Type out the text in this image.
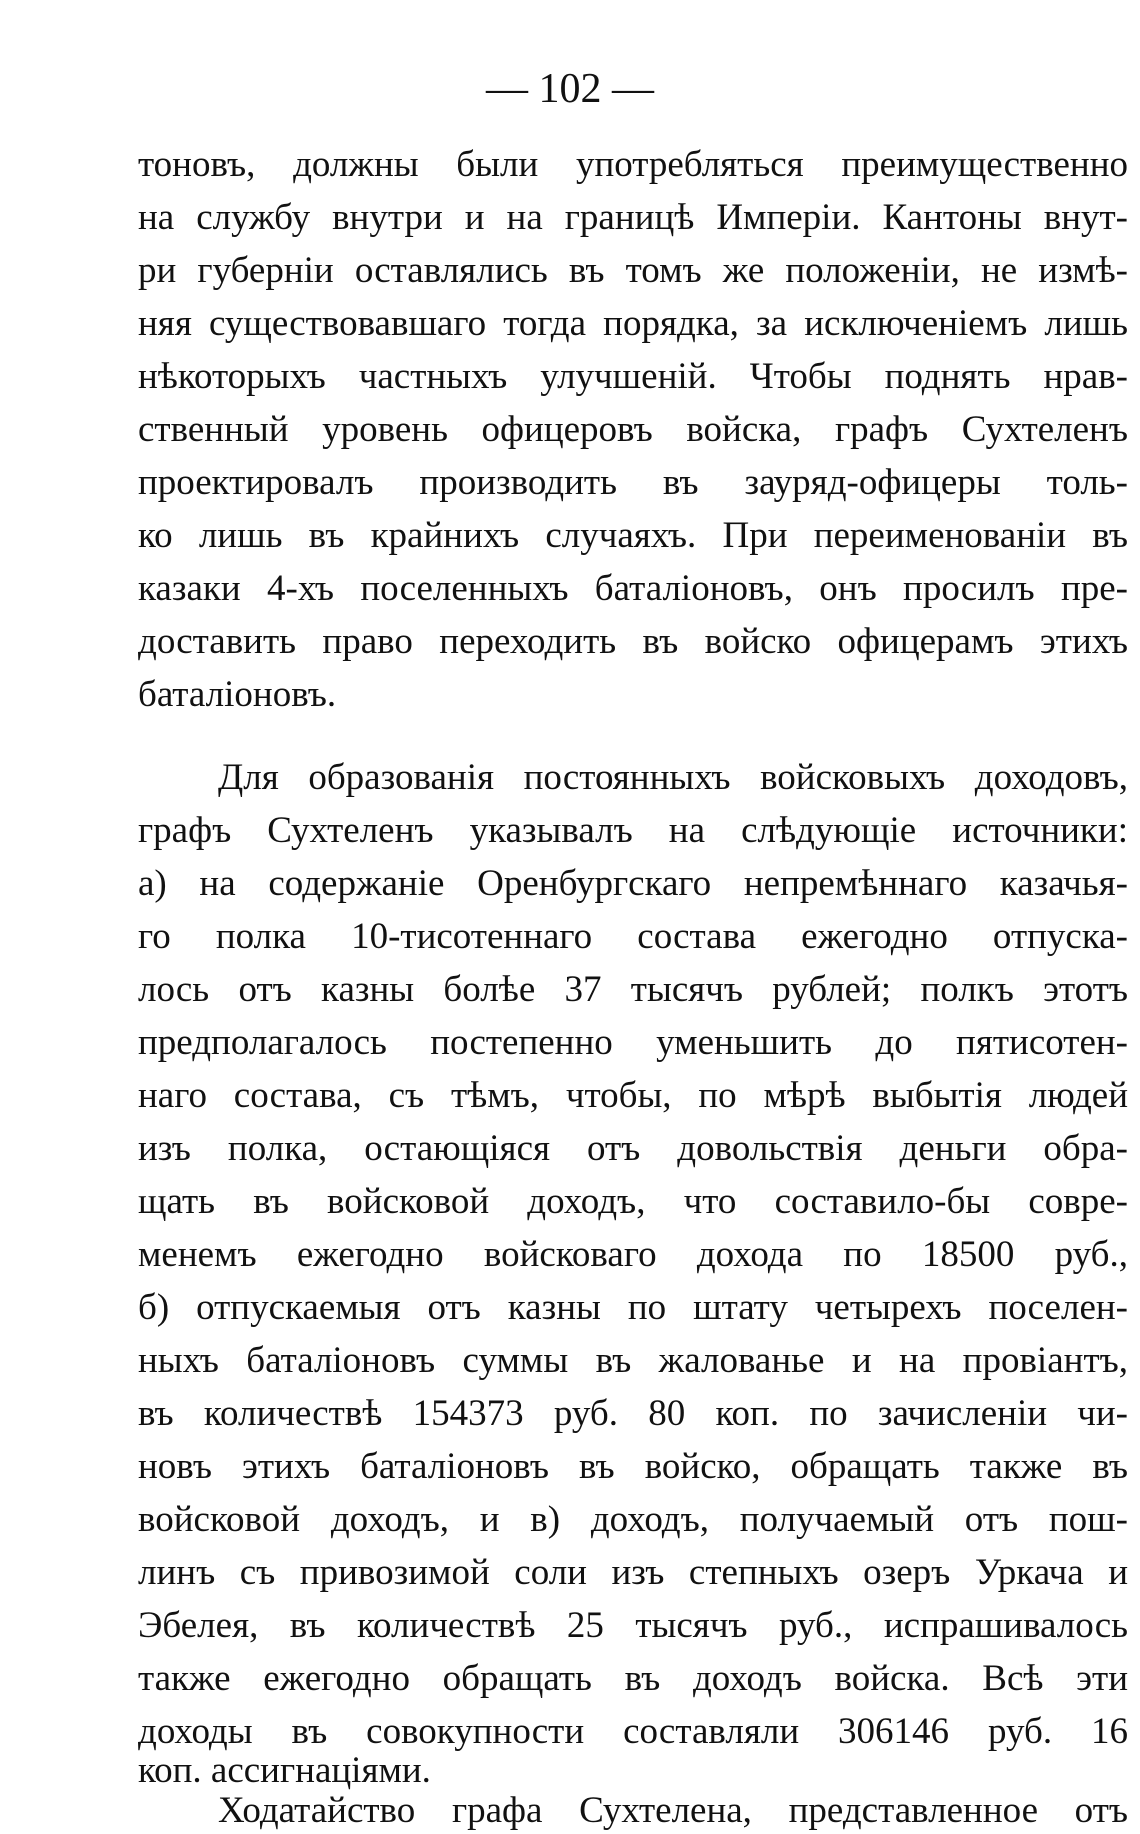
— 102 —
тоновъ, должны были употребляться преимущественно
на службу внутри и на границѣ Имперіи. Кантоны внут-
ри губерніи оставлялись въ томъ же положеніи, не измѣ-
няя существовавшаго тогда порядка, за исключеніемъ лишь
нѣкоторыхъ частныхъ улучшеній. Чтобы поднять нрав-
ственный уровень офицеровъ войска, графъ Сухтеленъ
проектировалъ производить въ зауряд-офицеры толь-
ко лишь въ крайнихъ случаяхъ. При переименованіи въ
казаки 4-хъ поселенныхъ баталіоновъ, онъ просилъ пре-
доставить право переходить въ войско офицерамъ этихъ
баталіоновъ.
Для образованія постоянныхъ войсковыхъ доходовъ,
графъ Сухтеленъ указывалъ на слѣдующіе источники:
а) на содержаніе Оренбургскаго непремѣннаго казачья-
го полка 10-тисотеннаго состава ежегодно отпуска-
лось отъ казны болѣе 37 тысячъ рублей; полкъ этотъ
предполагалось постепенно уменьшить до пятисотен-
наго состава, съ тѣмъ, чтобы, по мѣрѣ выбытія людей
изъ полка, остающіяся отъ довольствія деньги обра-
щать въ войсковой доходъ, что составило-бы совре-
менемъ ежегодно войсковаго дохода по 18500 руб.,
б) отпускаемыя отъ казны по штату четырехъ поселен-
ныхъ баталіоновъ суммы въ жалованье и на провіантъ,
въ количествѣ 154373 руб. 80 коп. по зачисленіи чи-
новъ этихъ баталіоновъ въ войско, обращать также въ
войсковой доходъ, и в) доходъ, получаемый отъ пош-
линъ съ привозимой соли изъ степныхъ озеръ Уркача и
Эбелея, въ количествѣ 25 тысячъ руб., испрашивалось
также ежегодно обращать въ доходъ войска. Всѣ эти
доходы въ совокупности составляли 306146 руб. 16
коп. ассигнаціями.
Ходатайство графа Сухтелена, представленное отъ
